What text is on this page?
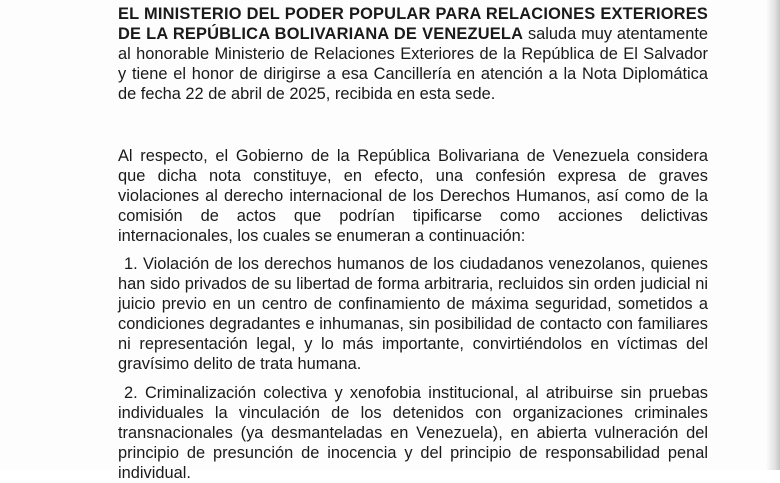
EL MINISTERIO DEL PODER POPULAR PARA RELACIONES EXTERIORES DE LA REPÚBLICA BOLIVARIANA DE VENEZUELA saluda muy atentamente al honorable Ministerio de Relaciones Exteriores de la República de El Salvador y tiene el honor de dirigirse a esa Cancillería en atención a la Nota Diplomática de fecha 22 de abril de 2025, recibida en esta sede.

Al respecto, el Gobierno de la República Bolivariana de Venezuela considera que dicha nota constituye, en efecto, una confesión expresa de graves violaciones al derecho internacional de los Derechos Humanos, así como de la comisión de actos que podrían tipificarse como acciones delictivas internacionales, los cuales se enumeran a continuación:

1. Violación de los derechos humanos de los ciudadanos venezolanos, quienes han sido privados de su libertad de forma arbitraria, recluidos sin orden judicial ni juicio previo en un centro de confinamiento de máxima seguridad, sometidos a condiciones degradantes e inhumanas, sin posibilidad de contacto con familiares ni representación legal, y lo más importante, convirtiéndolos en víctimas del gravísimo delito de trata humana.

2. Criminalización colectiva y xenofobia institucional, al atribuirse sin pruebas individuales la vinculación de los detenidos con organizaciones criminales transnacionales (ya desmanteladas en Venezuela), en abierta vulneración del principio de presunción de inocencia y del principio de responsabilidad penal individual.
